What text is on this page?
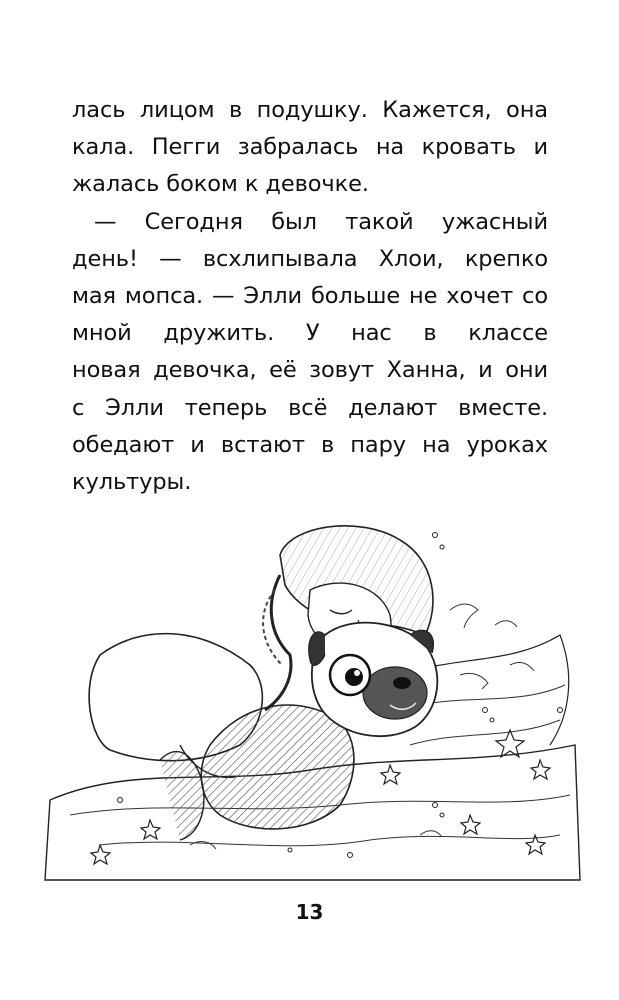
лась лицом в подушку. Кажется, она
кала. Пегги забралась на кровать и
жалась боком к девочке.
— Сегодня был такой ужасный
день! — всхлипывала Хлои, крепко
мая мопса. — Элли больше не хочет со
мной дружить. У нас в классе
новая девочка, её зовут Ханна, и они
с Элли теперь всё делают вместе.
обедают и встают в пару на уроках
культуры.
13
